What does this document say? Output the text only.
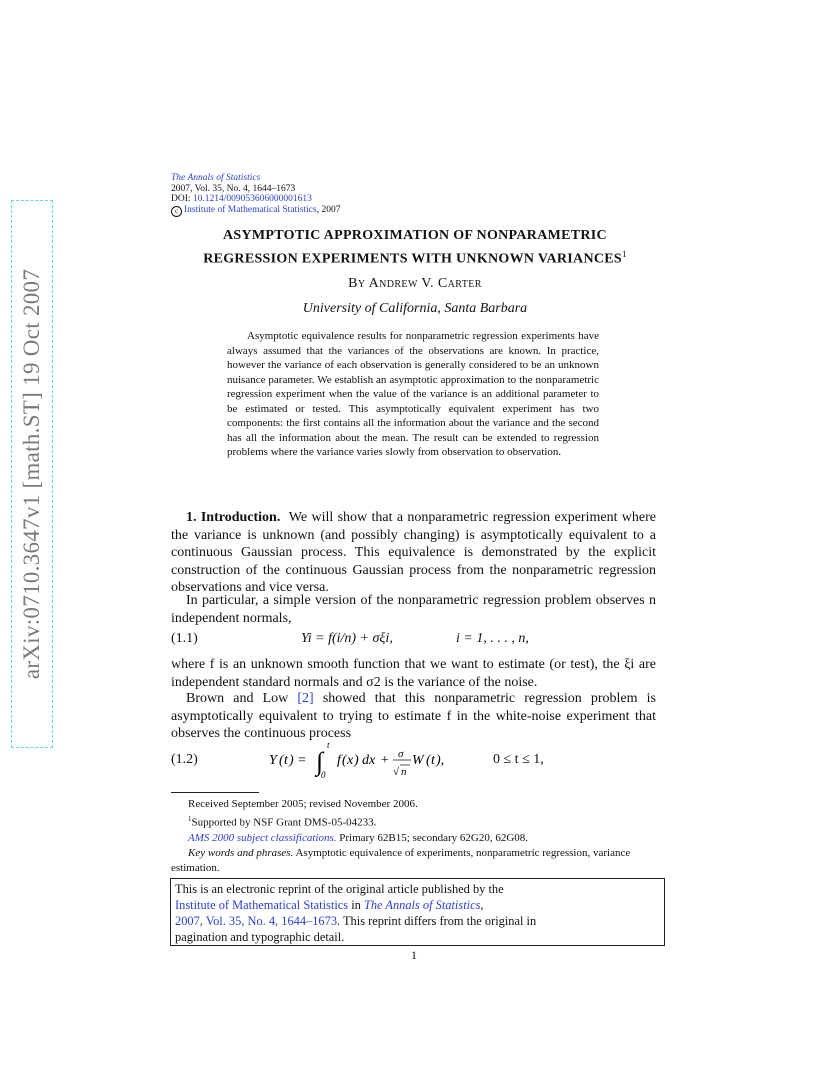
arXiv:0710.3647v1 [math.ST] 19 Oct 2007
The Annals of Statistics
2007, Vol. 35, No. 4, 1644–1673
DOI: 10.1214/009053606000001613
c Institute of Mathematical Statistics, 2007
ASYMPTOTIC APPROXIMATION OF NONPARAMETRIC
REGRESSION EXPERIMENTS WITH UNKNOWN VARIANCES$^1$
By Andrew V. Carter
University of California, Santa Barbara
Asymptotic equivalence results for nonparametric regression experiments have always assumed that the variances of the observations are known. In practice, however the variance of each observation is generally considered to be an unknown nuisance parameter. We establish an asymptotic approximation to the nonparametric regression experiment when the value of the variance is an additional parameter to be estimated or tested. This asymptotically equivalent experiment has two components: the first contains all the information about the variance and the second has all the information about the mean. The result can be extended to regression problems where the variance varies slowly from observation to observation.
1. Introduction. We will show that a nonparametric regression experiment where the variance is unknown (and possibly changing) is asymptotically equivalent to a continuous Gaussian process. This equivalence is demonstrated by the explicit construction of the continuous Gaussian process from the nonparametric regression observations and vice versa.
In particular, a simple version of the nonparametric regression problem observes n independent normals,
(1.1)	Yi = f(i/n) + σξi,	i = 1, . . . , n,
where f is an unknown smooth function that we want to estimate (or test), the ξi are independent standard normals and σ2 is the variance of the noise.
Brown and Low [2] showed that this nonparametric regression problem is asymptotically equivalent to trying to estimate f in the white-noise experiment that observes the continuous process
(1.2)	Y ( t ) = ∫
t
0
f ( x ) dx + σ
√ n
W ( t ),	0 ≤ t ≤ 1,
Received September 2005; revised November 2006.
$^1$Supported by NSF Grant DMS-05-04233.
AMS 2000 subject classifications. Primary 62B15; secondary 62G20, 62G08.
Key words and phrases. Asymptotic equivalence of experiments, nonparametric regression, variance estimation.
This is an electronic reprint of the original article published by the
Institute of Mathematical Statistics in The Annals of Statistics,
2007, Vol. 35, No. 4, 1644–1673. This reprint differs from the original in
pagination and typographic detail.
1
